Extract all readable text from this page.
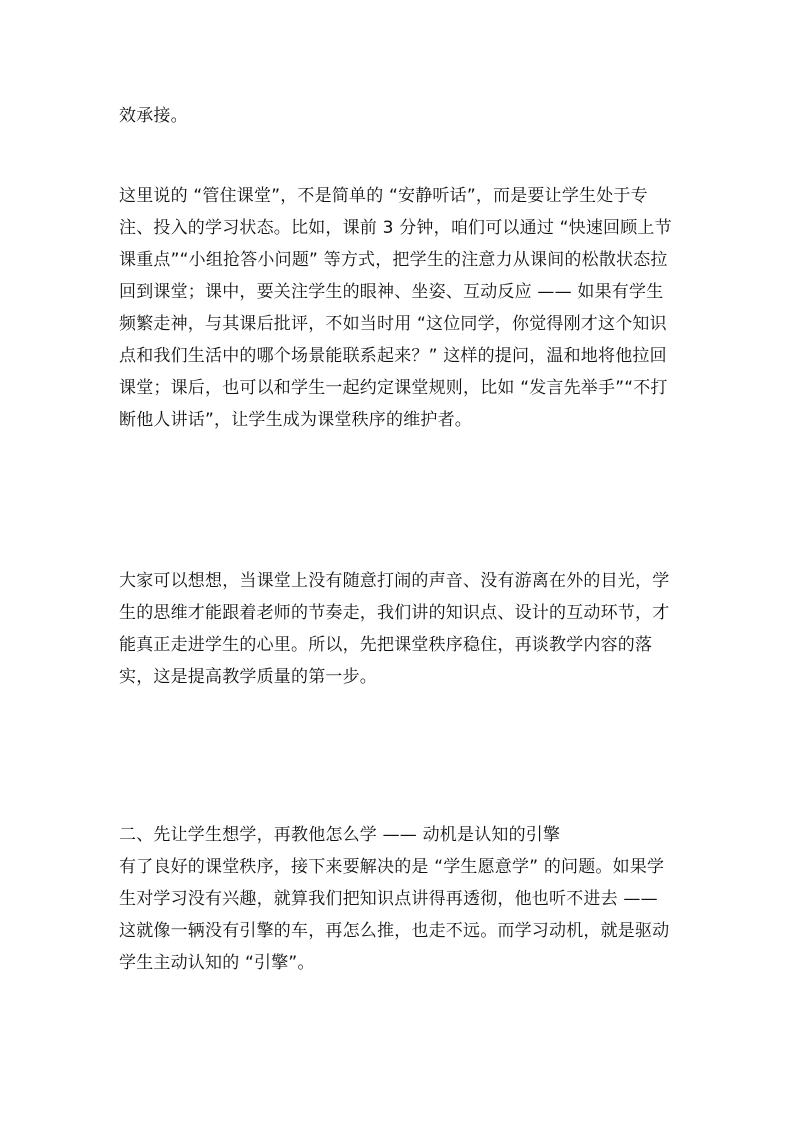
效承接。

这里说的 “管住课堂”，不是简单的 “安静听话”，而是要让学生处于专注、投入的学习状态。比如，课前 3 分钟，咱们可以通过 “快速回顾上节课重点”“小组抢答小问题” 等方式，把学生的注意力从课间的松散状态拉回到课堂；课中，要关注学生的眼神、坐姿、互动反应 —— 如果有学生频繁走神，与其课后批评，不如当时用 “这位同学，你觉得刚才这个知识点和我们生活中的哪个场景能联系起来？” 这样的提问，温和地将他拉回课堂；课后，也可以和学生一起约定课堂规则，比如 “发言先举手”“不打断他人讲话”，让学生成为课堂秩序的维护者。

大家可以想想，当课堂上没有随意打闹的声音、没有游离在外的目光，学生的思维才能跟着老师的节奏走，我们讲的知识点、设计的互动环节，才能真正走进学生的心里。所以，先把课堂秩序稳住，再谈教学内容的落实，这是提高教学质量的第一步。

二、先让学生想学，再教他怎么学 —— 动机是认知的引擎

有了良好的课堂秩序，接下来要解决的是 “学生愿意学” 的问题。如果学生对学习没有兴趣，就算我们把知识点讲得再透彻，他也听不进去 —— 这就像一辆没有引擎的车，再怎么推，也走不远。而学习动机，就是驱动学生主动认知的 “引擎”。
